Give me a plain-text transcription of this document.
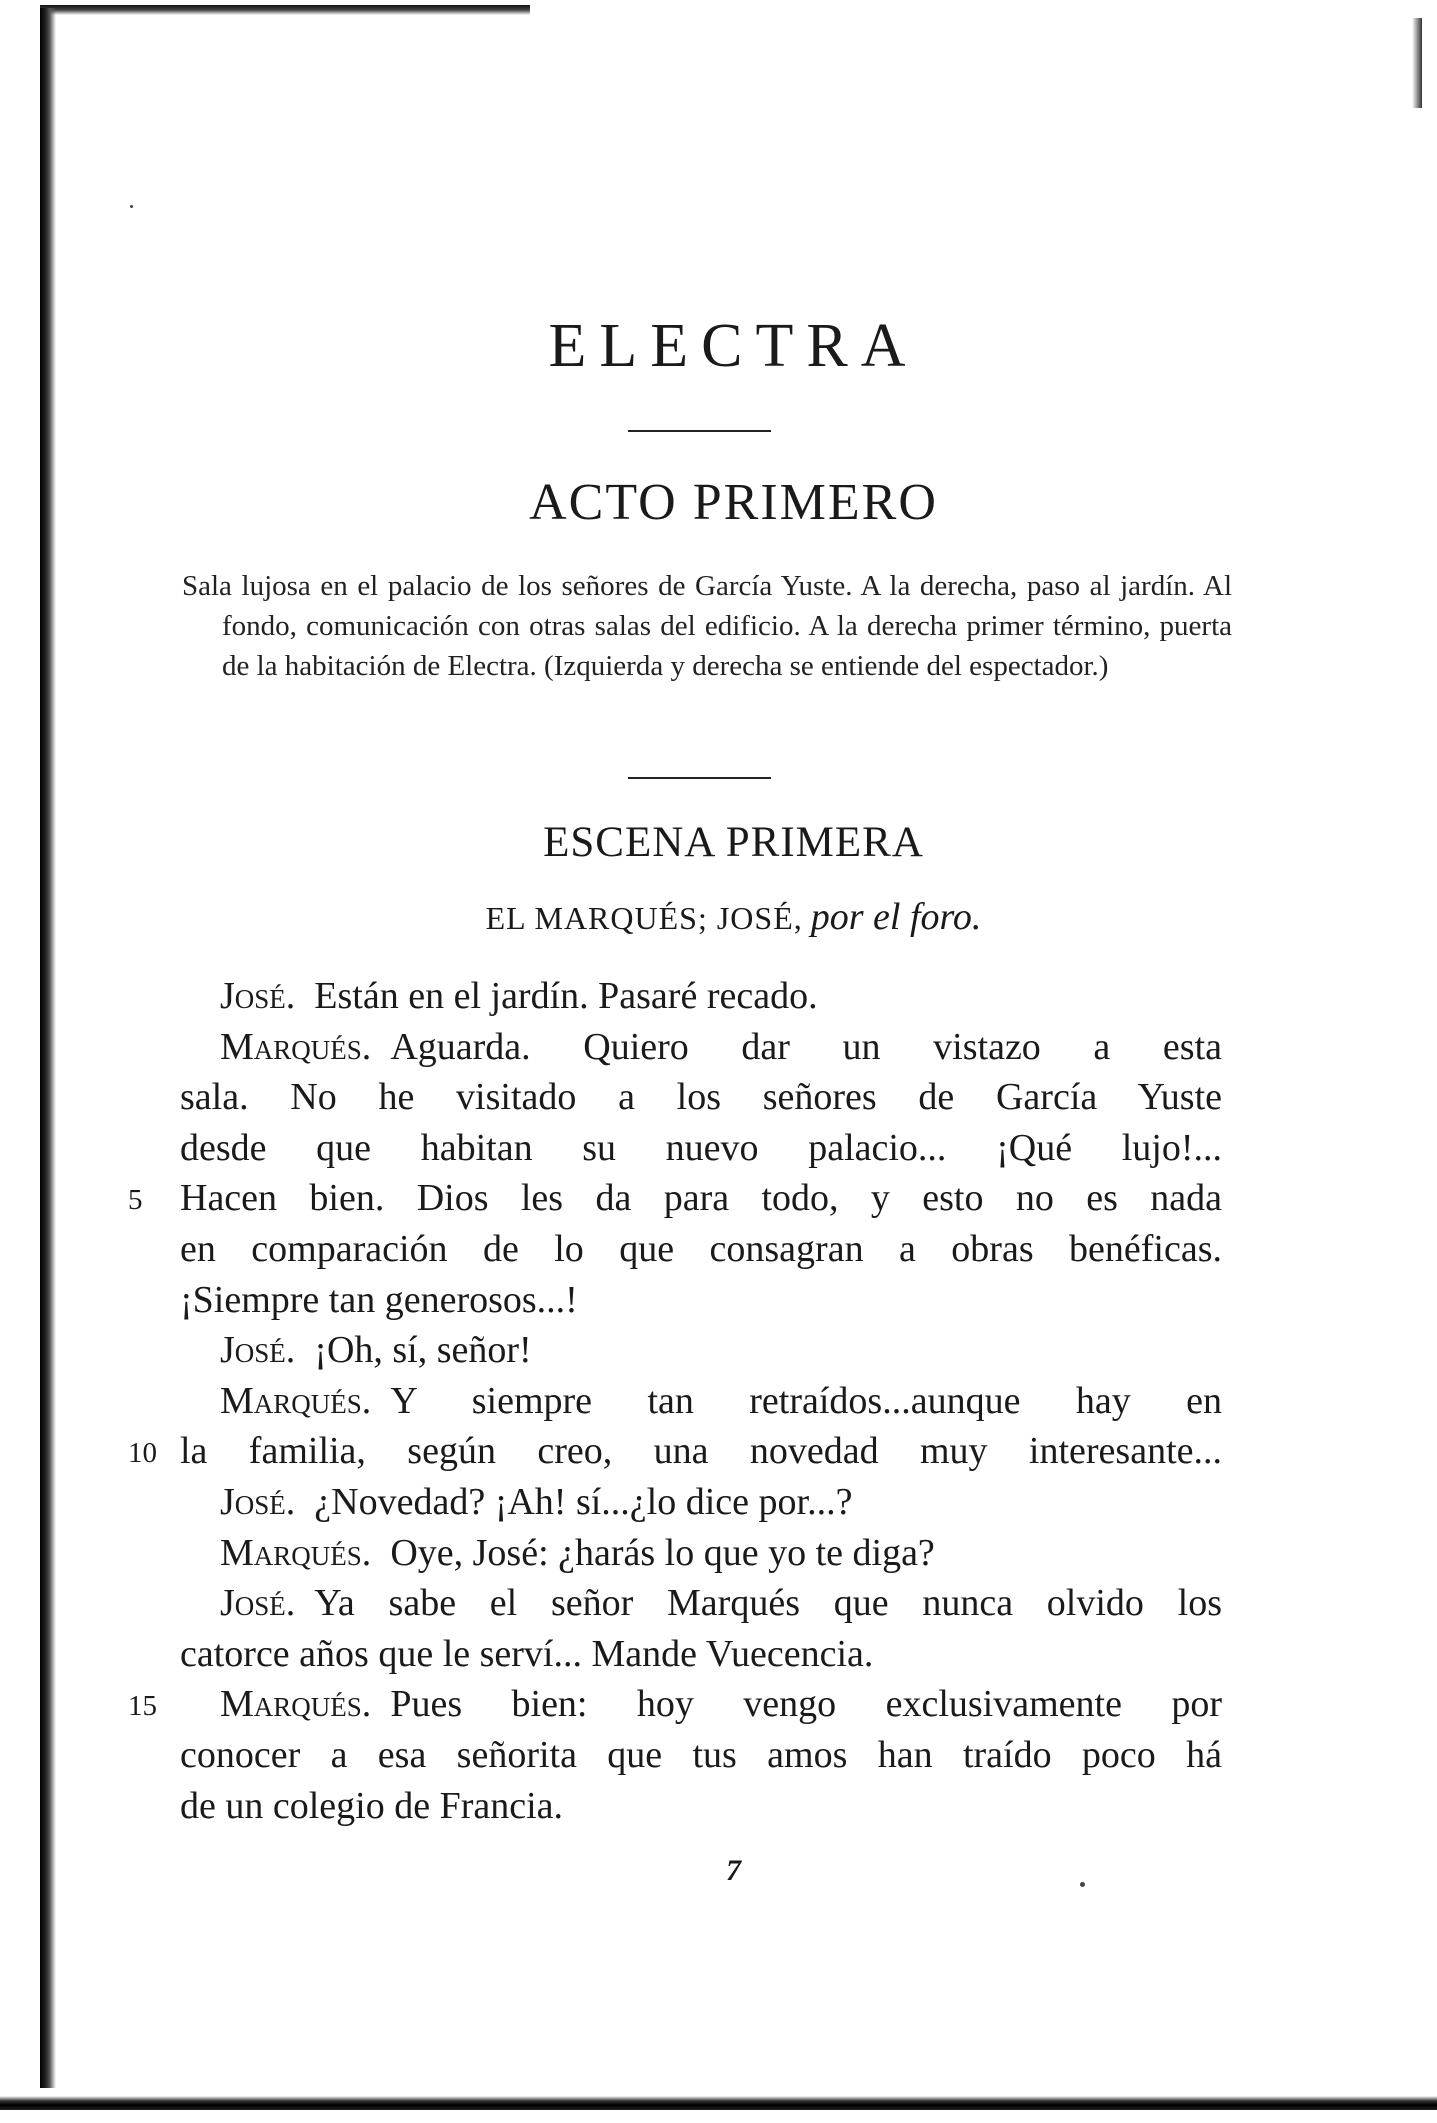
ELECTRA
ACTO PRIMERO

Sala lujosa en el palacio de los señores de García Yuste. A la derecha, paso al jardín. Al fondo, comunicación con otras salas del edificio. A la derecha primer término, puerta de la habitación de Electra. (Izquierda y derecha se entiende del espectador.)

ESCENA PRIMERA
EL MARQUÉS; JOSÉ, por el foro.
José.  Están en el jardín. Pasaré recado.
Marqués.  Aguarda. Quiero dar un vistazo a esta
sala. No he visitado a los señores de García Yuste
desde que habitan su nuevo palacio... ¡Qué lujo!...
Hacen bien. Dios les da para todo, y esto no es nada
en comparación de lo que consagran a obras benéficas.
¡Siempre tan generosos...!
José.  ¡Oh, sí, señor!
Marqués.  Y siempre tan retraídos...aunque hay en
la familia, según creo, una novedad muy interesante...
José.  ¿Novedad? ¡Ah! sí...¿lo dice por...?
Marqués.  Oye, José: ¿harás lo que yo te diga?
José.  Ya sabe el señor Marqués que nunca olvido los
catorce años que le serví... Mande Vuecencia.
Marqués.  Pues bien: hoy vengo exclusivamente por
conocer a esa señorita que tus amos han traído poco há
de un colegio de Francia.
5
10
15
7
